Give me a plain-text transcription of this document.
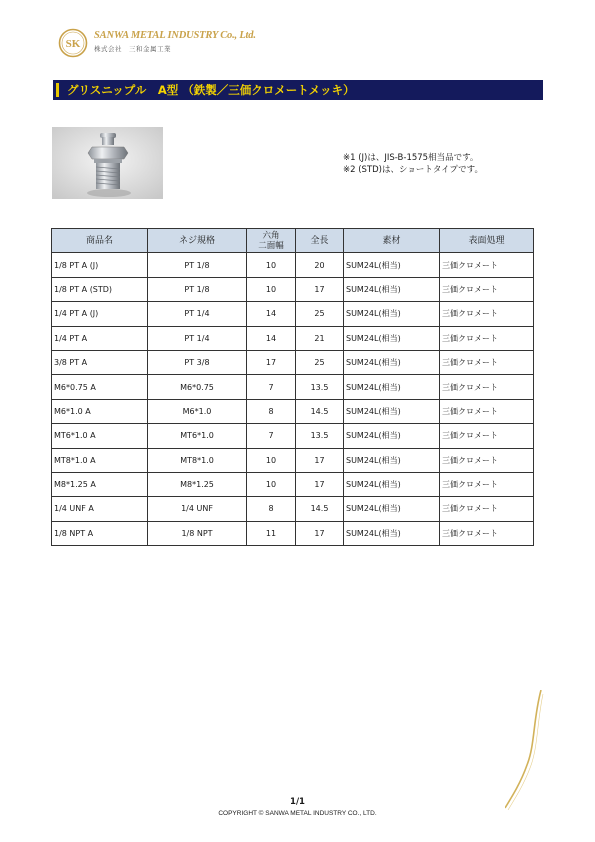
SK
SANWA METAL INDUSTRY Co., Ltd.
株式会社　三和金属工業
グリスニップル　A型 （鉄製／三価クロメートメッキ）
※1 (J)は、JIS-B-1575相当品です。
※2 (STD)は、ショートタイプです。
商品名	ネジ規格	六角
二面幅	全長	素材	表面処理
1/8 PT A (J)	PT 1/8	10	20	SUM24L(相当)	三価クロメート
1/8 PT A (STD)	PT 1/8	10	17	SUM24L(相当)	三価クロメート
1/4 PT A (J)	PT 1/4	14	25	SUM24L(相当)	三価クロメート
1/4 PT A	PT 1/4	14	21	SUM24L(相当)	三価クロメート
3/8 PT A	PT 3/8	17	25	SUM24L(相当)	三価クロメート
M6*0.75 A	M6*0.75	7	13.5	SUM24L(相当)	三価クロメート
M6*1.0 A	M6*1.0	8	14.5	SUM24L(相当)	三価クロメート
MT6*1.0 A	MT6*1.0	7	13.5	SUM24L(相当)	三価クロメート
MT8*1.0 A	MT8*1.0	10	17	SUM24L(相当)	三価クロメート
M8*1.25 A	M8*1.25	10	17	SUM24L(相当)	三価クロメート
1/4 UNF A	1/4 UNF	8	14.5	SUM24L(相当)	三価クロメート
1/8 NPT A	1/8 NPT	11	17	SUM24L(相当)	三価クロメート
1/1
COPYRIGHT © SANWA METAL INDUSTRY CO., LTD.
